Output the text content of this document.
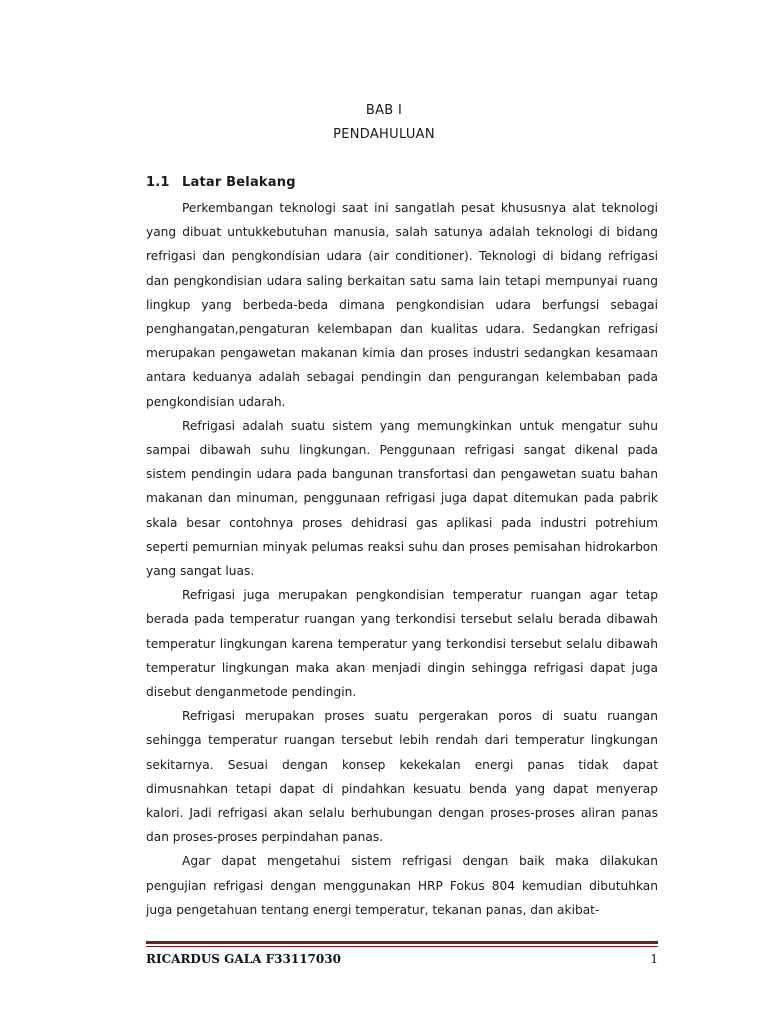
BAB I
PENDAHULUAN
1.1 Latar Belakang

Perkembangan teknologi saat ini sangatlah pesat khususnya alat teknologi yang dibuat untukkebutuhan manusia, salah satunya adalah teknologi di bidang refrigasi dan pengkondisian udara (air conditioner). Teknologi di bidang refrigasi dan pengkondisian udara saling berkaitan satu sama lain tetapi mempunyai ruang lingkup yang berbeda-beda dimana pengkondisian udara berfungsi sebagai penghangatan,pengaturan kelembapan dan kualitas udara. Sedangkan refrigasi merupakan pengawetan makanan kimia dan proses industri sedangkan kesamaan antara keduanya adalah sebagai pendingin dan pengurangan kelembaban pada pengkondisian udarah.

Refrigasi adalah suatu sistem yang memungkinkan untuk mengatur suhu sampai dibawah suhu lingkungan. Penggunaan refrigasi sangat dikenal pada sistem pendingin udara pada bangunan transfortasi dan pengawetan suatu bahan makanan dan minuman, penggunaan refrigasi juga dapat ditemukan pada pabrik skala besar contohnya proses dehidrasi gas aplikasi pada industri potrehium seperti pemurnian minyak pelumas reaksi suhu dan proses pemisahan hidrokarbon yang sangat luas.

Refrigasi juga merupakan pengkondisian temperatur ruangan agar tetap berada pada temperatur ruangan yang terkondisi tersebut selalu berada dibawah temperatur lingkungan karena temperatur yang terkondisi tersebut selalu dibawah temperatur lingkungan maka akan menjadi dingin sehingga refrigasi dapat juga disebut denganmetode pendingin.

Refrigasi merupakan proses suatu pergerakan poros di suatu ruangan sehingga temperatur ruangan tersebut lebih rendah dari temperatur lingkungan sekitarnya. Sesuai dengan konsep kekekalan energi panas tidak dapat dimusnahkan tetapi dapat di pindahkan kesuatu benda yang dapat menyerap kalori. Jadi refrigasi akan selalu berhubungan dengan proses-proses aliran panas dan proses-proses perpindahan panas.

Agar dapat mengetahui sistem refrigasi dengan baik maka dilakukan pengujian refrigasi dengan menggunakan HRP Fokus 804 kemudian dibutuhkan juga pengetahuan tentang energi temperatur, tekanan panas, dan akibat-

RICARDUS GALA F33117030	1
